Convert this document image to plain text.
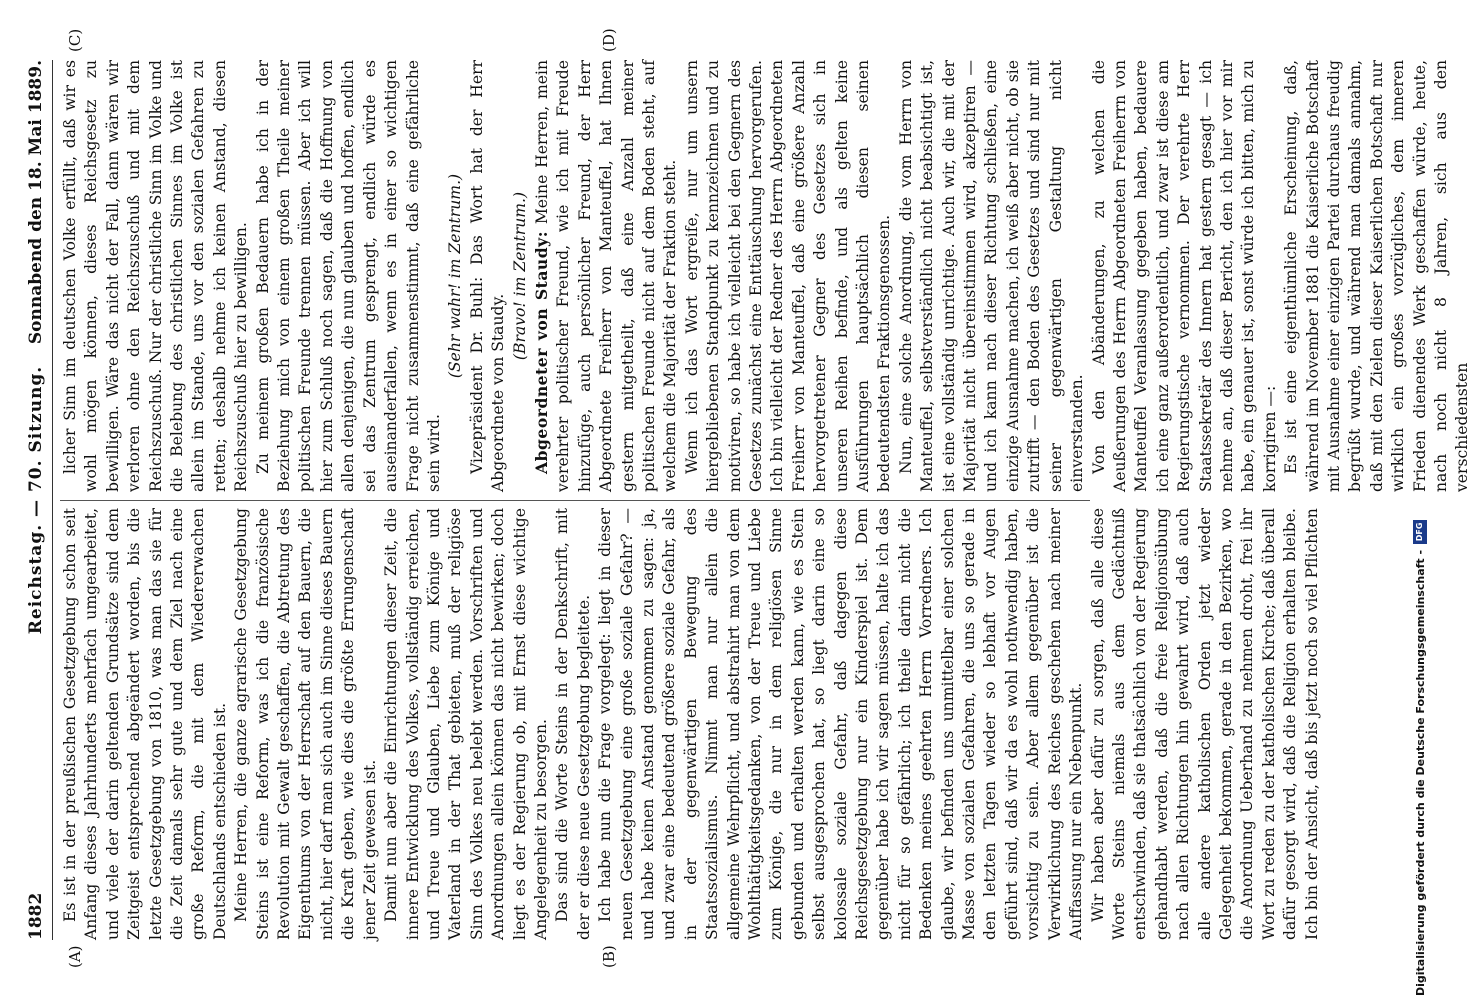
1882
Reichstag. — 70. Sitzung.
Sonnabend den 18. Mai 1889.
(A)	(B)
(C)	(D)

Es ist in der preußischen Gesetzgebung schon seit Anfang dieses Jahrhunderts mehrfach umgearbeitet, und viele der darin geltenden Grundsätze sind dem Zeitgeist entsprechend abgeändert worden, bis die letzte Gesetzgebung von 1810, was man das sie für die Zeit damals sehr gute und dem Ziel nach eine große Reform, die mit dem Wiedererwachen Deutschlands entschieden ist. Meine Herren, die ganze agrarische Gesetzgebung Steins ist eine Reform, was ich die französische Revolution mit Gewalt geschaffen, die Abtretung des Eigenthums von der Herrschaft auf den Bauern, die nicht, hier darf man sich auch im Sinne dieses Bauern die Kraft geben, wie dies die größte Errungenschaft jener Zeit gewesen ist. Damit nun aber die Einrichtungen dieser Zeit, die innere Entwicklung des Volkes, vollständig erreichen, und Treue und Glauben, Liebe zum Könige und Vaterland in der That gebieten, muß der religiöse Sinn des Volkes neu belebt werden. Vorschriften und Anordnungen allein können das nicht bewirken; doch liegt es der Regierung ob, mit Ernst diese wichtige Angelegenheit zu besorgen. Das sind die Worte Steins in der Denkschrift, mit der er diese neue Gesetzgebung begleitete. Ich habe nun die Frage vorgelegt: liegt in dieser neuen Gesetzgebung eine große soziale Gefahr? — und habe keinen Anstand genommen zu sagen: ja, und zwar eine bedeutend größere soziale Gefahr, als in der gegenwärtigen Bewegung des Staatssozialismus. Nimmt man nur allein die allgemeine Wehrpflicht, und abstrahirt man von dem Wohlthätigkeitsgedanken, von der Treue und Liebe zum Könige, die nur in dem religiösen Sinne gebunden und erhalten werden kann, wie es Stein selbst ausgesprochen hat, so liegt darin eine so kolossale soziale Gefahr, daß dagegen diese Reichsgesetzgebung nur ein Kinderspiel ist. Dem gegenüber habe ich wir sagen müssen, halte ich das nicht für so gefährlich; ich theile darin nicht die Bedenken meines geehrten Herrn Vorredners. Ich glaube, wir befinden uns unmittelbar einer solchen Masse von sozialen Gefahren, die uns so gerade in den letzten Tagen wieder so lebhaft vor Augen geführt sind, daß wir da es wohl nothwendig haben, vorsichtig zu sein. Aber allem gegenüber ist die Verwirklichung des Reiches geschehen nach meiner Auffassung nur ein Nebenpunkt. Wir haben aber dafür zu sorgen, daß alle diese Worte Steins niemals aus dem Gedächtniß entschwinden, daß sie thatsächlich von der Regierung gehandhabt werden, daß die freie Religionsübung nach allen Richtungen hin gewahrt wird, daß auch alle andere katholischen Orden jetzt wieder Gelegenheit bekommen, gerade in den Bezirken, wo die Anordnung Ueberhand zu nehmen droht, frei ihr Wort zu reden zu der katholischen Kirche; daß überall dafür gesorgt wird, daß die Religion erhalten bleibe. Ich bin der Ansicht, daß bis jetzt noch so viel Pflichten

licher Sinn im deutschen Volke erfüllt, daß wir es wohl mögen können, dieses Reichsgesetz zu bewilligen. Wäre das nicht der Fall, dann wären wir verloren ohne den Reichszuschuß und mit dem Reichszuschuß. Nur der christliche Sinn im Volke und die Belebung des christlichen Sinnes im Volke ist allein im Stande, uns vor den sozialen Gefahren zu retten; deshalb nehme ich keinen Anstand, diesen Reichszuschuß hier zu bewilligen. Zu meinem großen Bedauern habe ich in der Beziehung mich von einem großen Theile meiner politischen Freunde trennen müssen. Aber ich will hier zum Schluß noch sagen, daß die Hoffnung von allen denjenigen, die nun glauben und hoffen, endlich sei das Zentrum gesprengt, endlich würde es auseinanderfallen, wenn es in einer so wichtigen Frage nicht zusammenstimmt, daß eine gefährliche sein wird.

(Sehr wahr! im Zentrum.) Vizepräsident Dr. Buhl: Das Wort hat der Herr Abgeordnete von Staudy.

(Bravo! im Zentrum.) Abgeordneter von Staudy: Meine Herren, mein verehrter politischer Freund, wie ich mit Freude hinzufüge, auch persönlicher Freund, der Herr Abgeordnete Freiherr von Manteuffel, hat Ihnen gestern mitgetheilt, daß eine Anzahl meiner politischen Freunde nicht auf dem Boden steht, auf welchem die Majorität der Fraktion steht. Wenn ich das Wort ergreife, nur um unsern hiergebliebenen Standpunkt zu kennzeichnen und zu motiviren, so habe ich vielleicht bei den Gegnern des Gesetzes zunächst eine Enttäuschung hervorgerufen. Ich bin vielleicht der Redner des Herrn Abgeordneten Freiherr von Manteuffel, daß eine größere Anzahl hervorgetretener Gegner des Gesetzes sich in unseren Reihen befinde, und als gelten keine Ausführungen hauptsächlich diesen seinen bedeutendsten Fraktionsgenossen. Nun, eine solche Anordnung, die vom Herrn von Manteuffel, selbstverständlich nicht beabsichtigt ist, ist eine vollständig unrichtige. Auch wir, die mit der Majorität nicht übereinstimmen wird, akzeptiren — und ich kann nach dieser Richtung schließen, eine einzige Ausnahme machen, ich weiß aber nicht, ob sie zutrifft — den Boden des Gesetzes und sind nur mit seiner gegenwärtigen Gestaltung nicht einverstanden. Von den Abänderungen, zu welchen die Aeußerungen des Herrn Abgeordneten Freiherrn von Manteuffel Veranlassung gegeben haben, bedauere ich eine ganz außerordentlich, und zwar ist diese am Regierungstische vernommen. Der verehrte Herr Staatssekretär des Innern hat gestern gesagt — ich nehme an, daß dieser Bericht, den ich hier vor mir habe, ein genauer ist, sonst würde ich bitten, mich zu korrigiren —: Es ist eine eigenthümliche Erscheinung, daß, während im November 1881 die Kaiserliche Botschaft mit Ausnahme einer einzigen Partei durchaus freudig begrüßt wurde, und während man damals annahm, daß mit den Zielen dieser Kaiserlichen Botschaft nur wirklich ein großes vorzügliches, dem inneren Frieden dienendes Werk geschaffen würde, heute, nach noch nicht 8 Jahren, sich aus den verschiedensten

Digitalisierung gefördert durch die Deutsche Forschungsgemeinschaft -
DFG
